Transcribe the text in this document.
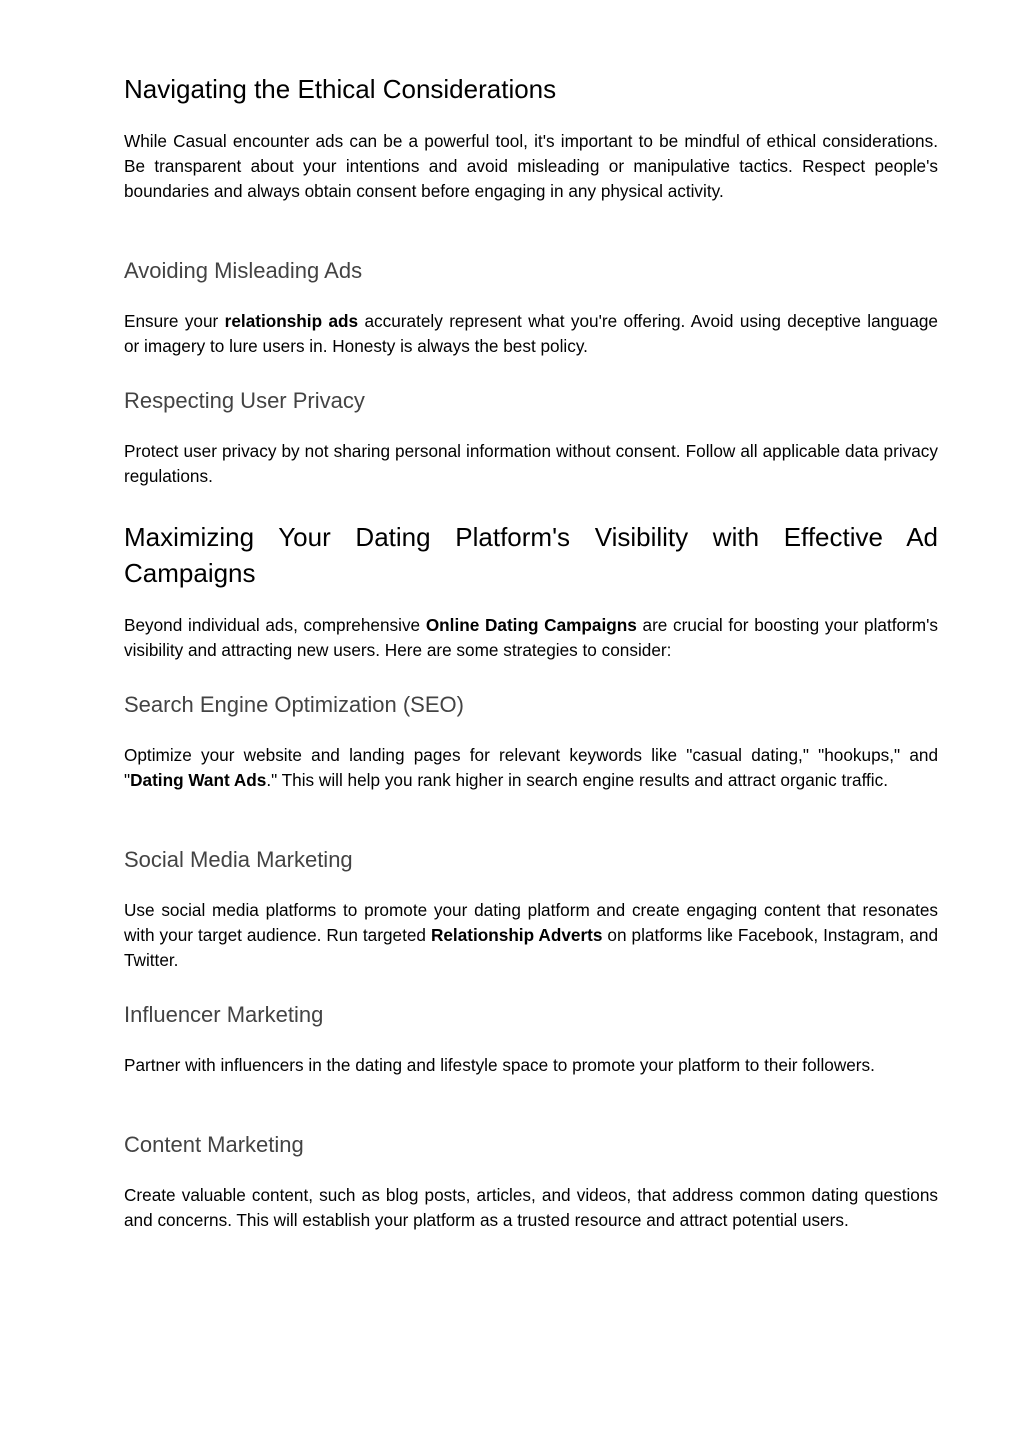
Navigating the Ethical Considerations

While Casual encounter ads can be a powerful tool, it's important to be mindful of ethical considerations. Be transparent about your intentions and avoid misleading or manipulative tactics. Respect people's boundaries and always obtain consent before engaging in any physical activity.

Avoiding Misleading Ads

Ensure your relationship ads accurately represent what you're offering. Avoid using deceptive language or imagery to lure users in. Honesty is always the best policy.

Respecting User Privacy

Protect user privacy by not sharing personal information without consent. Follow all applicable data privacy regulations.

Maximizing Your Dating Platform's Visibility with Effective Ad Campaigns

Beyond individual ads, comprehensive Online Dating Campaigns are crucial for boosting your platform's visibility and attracting new users. Here are some strategies to consider:

Search Engine Optimization (SEO)

Optimize your website and landing pages for relevant keywords like "casual dating," "hookups," and "Dating Want Ads." This will help you rank higher in search engine results and attract organic traffic.

Social Media Marketing

Use social media platforms to promote your dating platform and create engaging content that resonates with your target audience. Run targeted Relationship Adverts on platforms like Facebook, Instagram, and Twitter.

Influencer Marketing

Partner with influencers in the dating and lifestyle space to promote your platform to their followers.

Content Marketing

Create valuable content, such as blog posts, articles, and videos, that address common dating questions and concerns. This will establish your platform as a trusted resource and attract potential users.
